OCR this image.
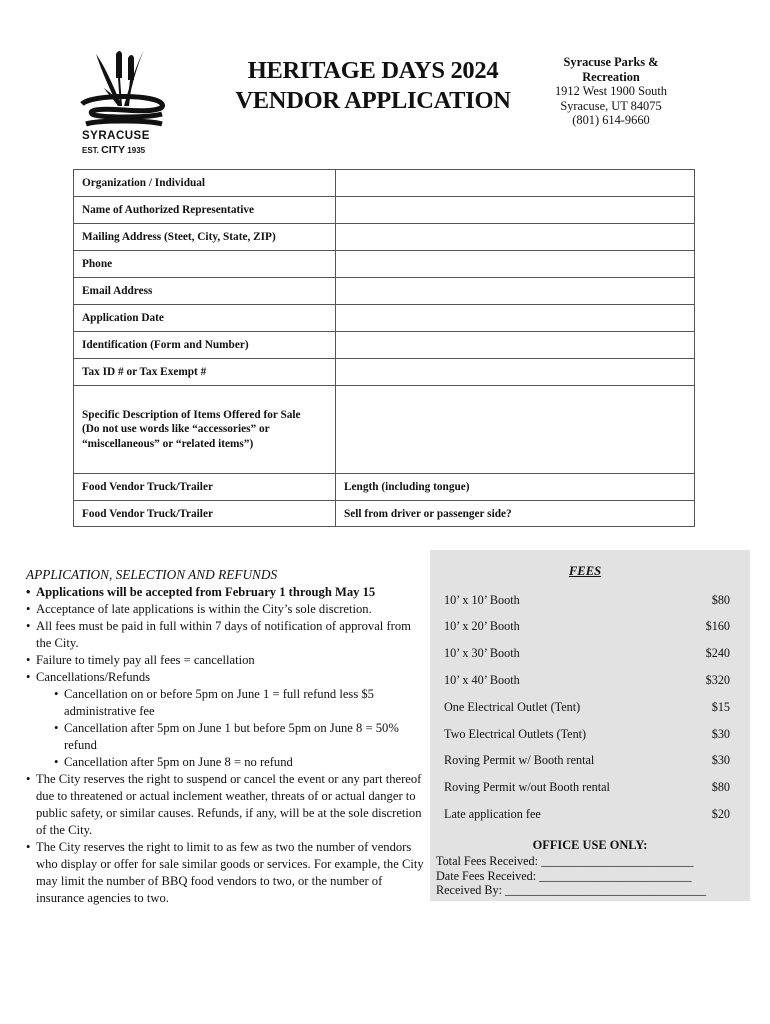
SYRACUSE
EST. CITY 1935
HERITAGE DAYS 2024
VENDOR APPLICATION
Syracuse Parks &
Recreation
1912 West 1900 South
Syracuse, UT 84075
(801) 614-9660
Organization / Individual	
Name of Authorized Representative	
Mailing Address (Steet, City, State, ZIP)	
Phone	
Email Address	
Application Date	
Identification (Form and Number)	
Tax ID # or Tax Exempt #	

Specific Description of Items Offered for Sale
(Do not use words like “accessories” or
“miscellaneous” or “related items”)	

Food Vendor Truck/Trailer	Length (including tongue)
Food Vendor Truck/Trailer	Sell from driver or passenger side?
APPLICATION, SELECTION AND REFUNDS
• Applications will be accepted from February 1 through May 15
• Acceptance of late applications is within the City’s sole discretion.
• All fees must be paid in full within 7 days of notification of approval from the City.
• Failure to timely pay all fees = cancellation
• Cancellations/Refunds
• Cancellation on or before 5pm on June 1 = full refund less $5 administrative fee
• Cancellation after 5pm on June 1 but before 5pm on June 8 = 50% refund
• Cancellation after 5pm on June 8 = no refund
• The City reserves the right to suspend or cancel the event or any part thereof due to threatened or actual inclement weather, threats of or actual danger to public safety, or similar causes. Refunds, if any, will be at the sole discretion of the City.
• The City reserves the right to limit to as few as two the number of vendors who display or offer for sale similar goods or services. For example, the City may limit the number of BBQ food vendors to two, or the number of insurance agencies to two.
FEES
10’ x 10’ Booth	$80
10’ x 20’ Booth	$160
10’ x 30’ Booth	$240
10’ x 40’ Booth	$320
One Electrical Outlet (Tent)	$15
Two Electrical Outlets (Tent)	$30
Roving Permit w/ Booth rental	$30
Roving Permit w/out Booth rental	$80
Late application fee	$20
OFFICE USE ONLY:
Total Fees Received: _________________________
Date Fees Received: _________________________
Received By: _________________________________
